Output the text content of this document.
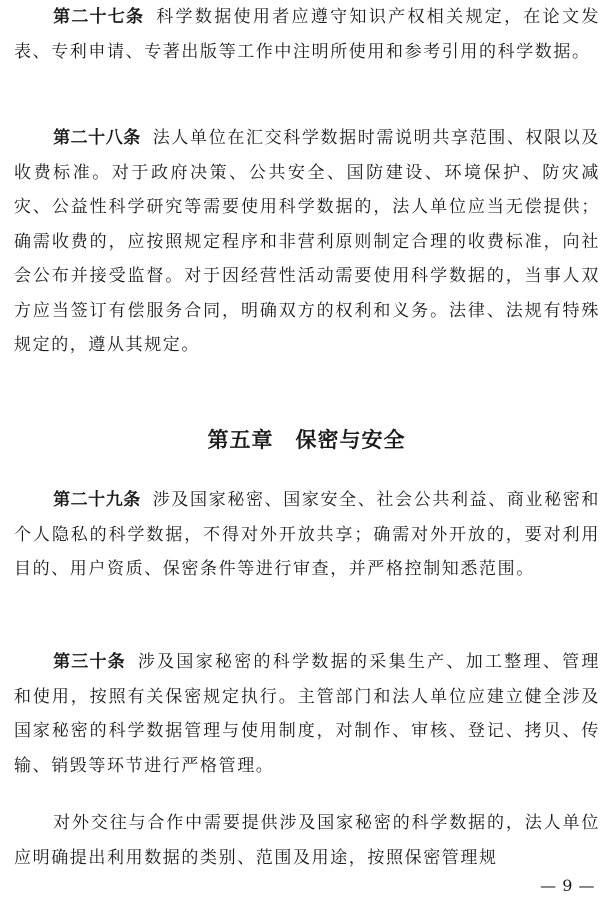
第二十七条 科学数据使用者应遵守知识产权相关规定，在论文发表、专利申请、专著出版等工作中注明所使用和参考引用的科学数据。

第二十八条 法人单位在汇交科学数据时需说明共享范围、权限以及收费标准。对于政府决策、公共安全、国防建设、环境保护、防灾减灾、公益性科学研究等需要使用科学数据的，法人单位应当无偿提供；确需收费的，应按照规定程序和非营利原则制定合理的收费标准，向社会公布并接受监督。对于因经营性活动需要使用科学数据的，当事人双方应当签订有偿服务合同，明确双方的权利和义务。法律、法规有特殊规定的，遵从其规定。

第五章 保密与安全

第二十九条 涉及国家秘密、国家安全、社会公共利益、商业秘密和个人隐私的科学数据，不得对外开放共享；确需对外开放的，要对利用目的、用户资质、保密条件等进行审查，并严格控制知悉范围。

第三十条 涉及国家秘密的科学数据的采集生产、加工整理、管理和使用，按照有关保密规定执行。主管部门和法人单位应建立健全涉及国家秘密的科学数据管理与使用制度，对制作、审核、登记、拷贝、传输、销毁等环节进行严格管理。

对外交往与合作中需要提供涉及国家秘密的科学数据的，法人单位应明确提出利用数据的类别、范围及用途，按照保密管理规

— 9 —
